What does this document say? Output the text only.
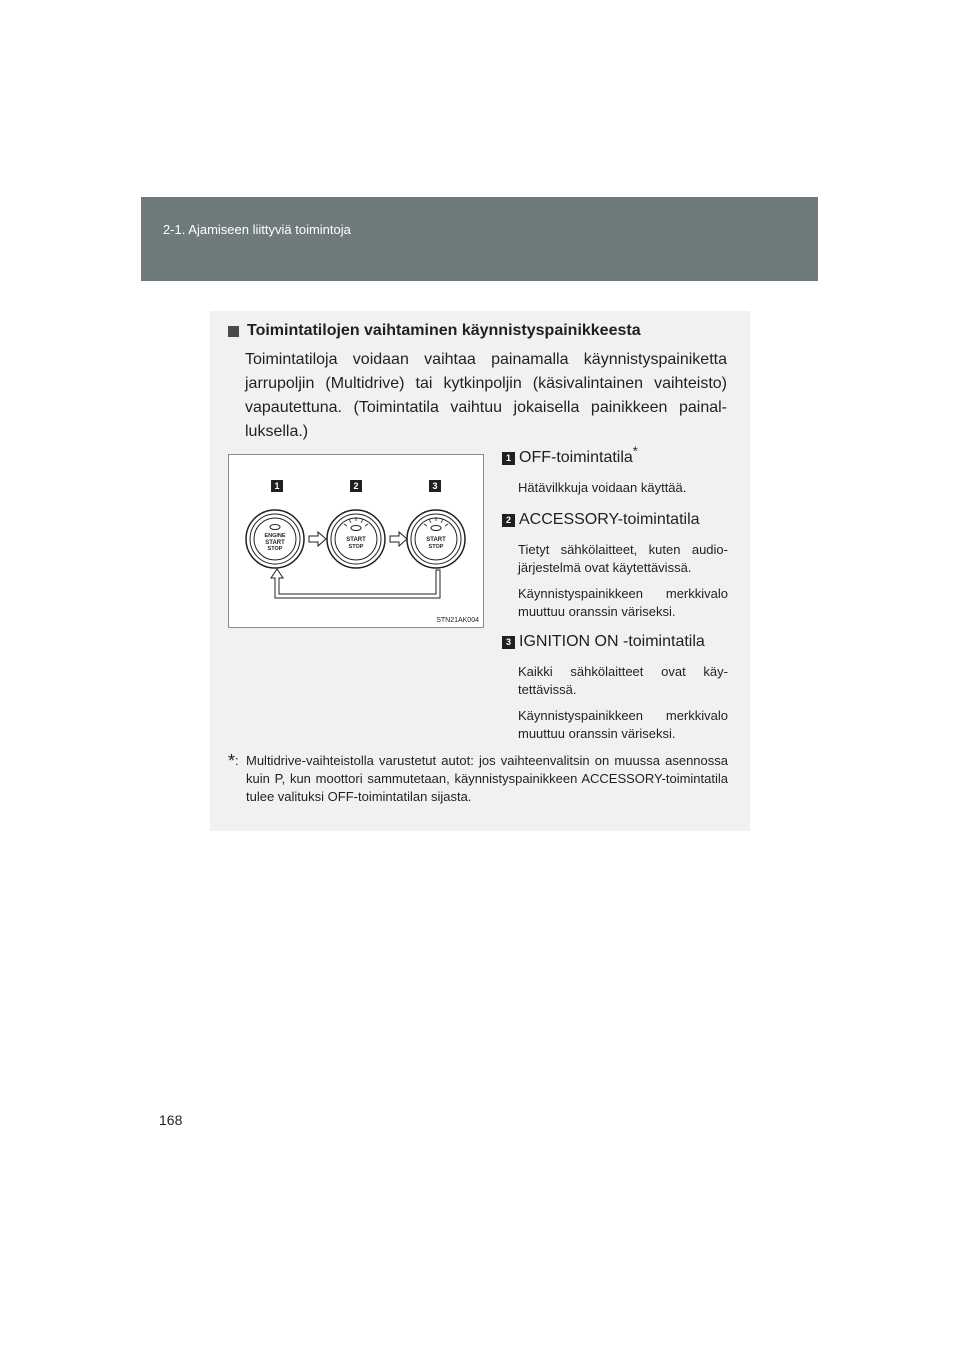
2-1. Ajamiseen liittyviä toimintoja
Toimintatilojen vaihtaminen käynnistyspainikkeesta
Toimintatiloja voidaan vaihtaa painamalla käynnistyspainiketta jarrupoljin (Multidrive) tai kytkinpoljin (käsivalintainen vaihteisto) vapautettuna. (Toimintatila vaihtuu jokaisella painikkeen painalluksella.)
1	2	3
ENGINE
START
STOP
START
STOP
START
STOP
STN21AK004
1 OFF-toimintatila*
Hätävilkkuja voidaan käyttää.
2 ACCESSORY-toimintatila
Tietyt sähkölaitteet, kuten audiojärjestelmä ovat käytettävissä.
Käynnistyspainikkeen merkkivalo muuttuu oranssin väriseksi.
3 IGNITION ON -toimintatila
Kaikki sähkölaitteet ovat käytettävissä.
Käynnistyspainikkeen merkkivalo muuttuu oranssin väriseksi.
*: Multidrive-vaihteistolla varustetut autot: jos vaihteenvalitsin on muussa asennossa kuin P, kun moottori sammutetaan, käynnistyspainikkeen ACCESSORY-toimintatila tulee valituksi OFF-toimintatilan sijasta.
168
